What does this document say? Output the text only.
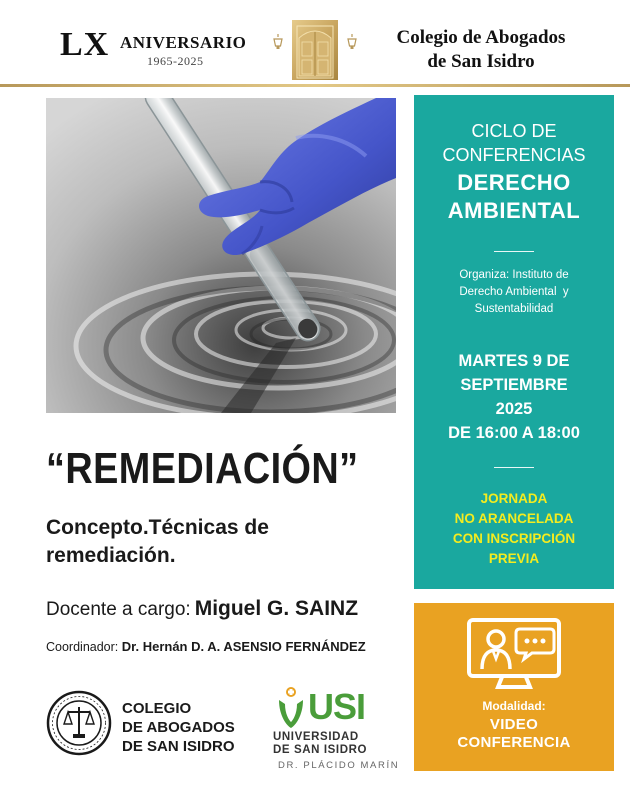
LX ANIVERSARIO
1965-2025
Colegio de Abogados
de San Isidro
“REMEDIACIÓN”
Concepto.Técnicas de
remediación.
Docente a cargo: Miguel G. SAINZ
Coordinador: Dr. Hernán D. A. ASENSIO FERNÁNDEZ
COLEGIO
DE ABOGADOS
DE SAN ISIDRO
USI
UNIVERSIDAD
DE SAN ISIDRO
DR. PLÁCIDO MARÍN
CICLO DE
CONFERENCIAS
DERECHO
AMBIENTAL
Organiza: Instituto de
Derecho Ambiental  y
Sustentabilidad
MARTES 9 DE
SEPTIEMBRE
2025
DE 16:00 A 18:00
JORNADA
NO ARANCELADA
CON INSCRIPCIÓN
PREVIA
Modalidad:
VIDEO
CONFERENCIA
